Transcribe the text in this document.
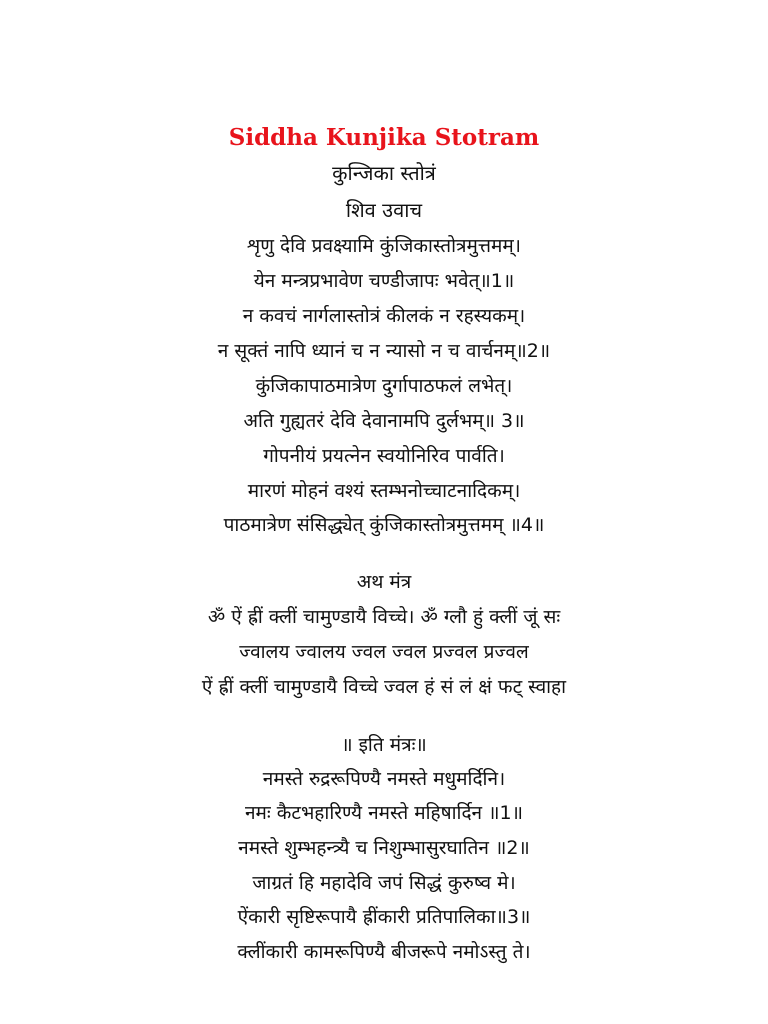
Siddha Kunjika Stotram
कुन्जिका स्तोत्रं
शिव उवाच
शृणु देवि प्रवक्ष्यामि कुंजिकास्तोत्रमुत्तमम्।
येन मन्त्रप्रभावेण चण्डीजापः भवेत्॥1॥
न कवचं नार्गलास्तोत्रं कीलकं न रहस्यकम्।
न सूक्तं नापि ध्यानं च न न्यासो न च वार्चनम्॥2॥
कुंजिकापाठमात्रेण दुर्गापाठफलं लभेत्।
अति गुह्यतरं देवि देवानामपि दुर्लभम्॥ 3॥
गोपनीयं प्रयत्नेन स्वयोनिरिव पार्वति।
मारणं मोहनं वश्यं स्तम्भनोच्चाटनादिकम्।
पाठमात्रेण संसिद्ध्येत् कुंजिकास्तोत्रमुत्तमम् ॥4॥
अथ मंत्र
ॐ ऐं ह्रीं क्लीं चामुण्डायै विच्चे। ॐ ग्लौ हुं क्लीं जूं सः
ज्वालय ज्वालय ज्वल ज्वल प्रज्वल प्रज्वल
ऐं ह्रीं क्लीं चामुण्डायै विच्चे ज्वल हं सं लं क्षं फट् स्वाहा
॥ इति मंत्रः॥
नमस्ते रुद्ररूपिण्यै नमस्ते मधुमर्दिनि।
नमः कैटभहारिण्यै नमस्ते महिषार्दिन ॥1॥
नमस्ते शुम्भहन्त्र्यै च निशुम्भासुरघातिन ॥2॥
जाग्रतं हि महादेवि जपं सिद्धं कुरुष्व मे।
ऐंकारी सृष्टिरूपायै ह्रींकारी प्रतिपालिका॥3॥
क्लींकारी कामरूपिण्यै बीजरूपे नमोऽस्तु ते।
